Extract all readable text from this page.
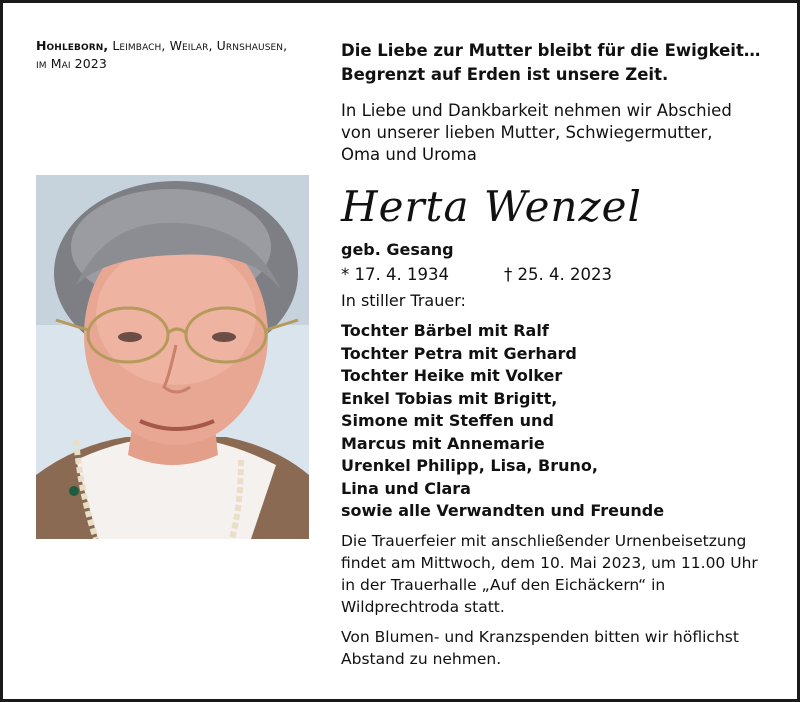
Hohleborn, Leimbach, Weilar, Urnshausen,
im Mai 2023
Die Liebe zur Mutter bleibt für die Ewigkeit…
Begrenzt auf Erden ist unsere Zeit.
In Liebe und Dankbarkeit nehmen wir Abschied
von unserer lieben Mutter, Schwiegermutter,
Oma und Uroma
Herta Wenzel
geb. Gesang
* 17. 4. 1934	† 25. 4. 2023
In stiller Trauer:
Tochter Bärbel mit Ralf
Tochter Petra mit Gerhard
Tochter Heike mit Volker
Enkel Tobias mit Brigitt,
Simone mit Steffen und
Marcus mit Annemarie
Urenkel Philipp, Lisa, Bruno,
Lina und Clara
sowie alle Verwandten und Freunde
Die Trauerfeier mit anschließender Urnenbeisetzung
findet am Mittwoch, dem 10. Mai 2023, um 11.00 Uhr
in der Trauerhalle „Auf den Eichäckern“ in
Wildprechtroda statt.
Von Blumen- und Kranzspenden bitten wir höflichst
Abstand zu nehmen.
